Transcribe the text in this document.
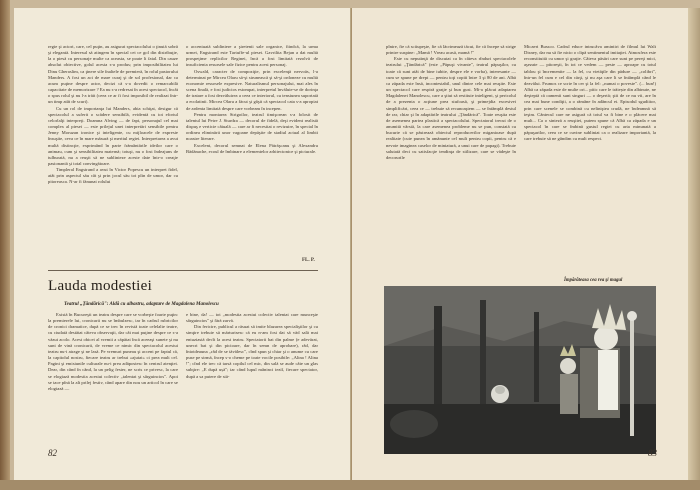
regie şi actori, care, cel puţin, au asigurat spectacolului o ţinută sobră şi elegantă. Interesul să atingem în special cei ce gol din distribuţie, la o piesă cu personaje multe ca aceasta, se poate li fatal. Din cauze absolut obiective, golul acesta s-a produs; prin imposibilitatea lui Dinu Gheraslim, ca ţinere sile înaltele de premieră, în rolul pastorului Manders. A fost un act de mare curaj şi de sol profesional, dar ca acum puţine despre actor, decizi că s-a dovedit o remarcabilă capacitate de memorizare ? Ea nu s-a redresat în acest spectacol, încât o spus rolul şi nu l-a trăit (ceea ce ar fi fost imposibil de realizat într-un timp atât de scurt).

Cu un rol de importanţa lui Manders, abia schiţat, desigur că spectacolul a suferit o scădere sensibilă, evidentă cu tot efortul celorlalţi interpreţi. Doamna Alving — de fapt, personajul cel mai complex al piesei — este prilejul unei interpretări sensibile pentru Jenny Moruzan ironice şi inteligente, cu mijloacele de expresie însuşite, ceva ce în mare măsură şi meritul regiei. Interpretarea a avut multă distincţie, exprimând în parte frământările ideilor care o animau, cum şi sensibilitatea maternă; totuşi, nu o fost îndeajuns de tulburată, nu a reuşit să ne sublinieze aceste date într-o creaţie pasionantă şi total convingătoare.

Timpleral Engstrand a avut în Victor Popescu un interpret fidel, atât prin aspectul său cât şi prin jocul său tot plin de umor, dar cu pitoreasca. N-ar fi fănunat rolului

o accentuată subliniere a şiretenii sale organice, fiindcă, la urma urmei, Engstrand este Tartuffe-ul piesei. Gavrilita Bejan a dat multă prospeţime replicilor Reginei, încă a fost limitată rezolvă de insuficienta resursele sale fizice pentru acest personaj.

Oswald, caracter de compoziţie, prin excelenţă nervoăs, l-a determinat pe Mircea Olaru să-şi strunească şi să-şi ordoneze cu multă economie resursele expresive. Naturalismul personajului, mai ales în scena finală, e fost judicios estompat, interpretul învăluie-se de dorinţa de tratare a fost dezvăluirea a ceea ce interiorul, cu tensiunea suportată a ecolatinii. Mircea Olaru a făcut şi gâşit că spectacol cata s-a apropiat de ardenta limitată despre care vorbeam în incepen.

Pentru montarea Strigoilor, teatrul timişorean s-a folosit de talentul lui Petre J. Sturdza — decorul de fidelă, deşi evident realistă dispuş e verticie câtuală — care ar fi necesitat o revizuire, în special în ordinea eliminării unor vagoane depăşite de stadiul actual al limbii noastre literare.

Excelent, decorul semnat de Elena Pătrăşcanu şi Alexandru Bădănache, ecoul de îmbinare a elementelor arhitectonice şi picturale.

FL. P.
Lauda modestiei
Teatrul „Ţăndărică": Aldă cu albastru, adaptare de Magdalena Manolescu

Există în Bucureşti un teatru despre care se vorbeşte foarte puţin: la premierele lui, cronicarii nu se îmbulzesc, iar în cadrul rubricilor de cronici dramatice, după ce se trec în revistă toate celelalte teatre, cu ciudată destătat câteva observaţii, dar cât mai puţine despre ce s-a văzut acolo. Acest obicei al vremii a căpătat încă aceeaşi sunete şi nu sunt de vină cronicarii, de vreme ce nimic din spectacolul acestui teatru nu-i atrage şi ne lasă. Pe vremuri puneau şi accent pe faptul că, la capitolul nostru, fiecare teatru ar trebui «ajutat» ci prea mult cel. Pagini şi emisiunile culturale nu-i prea adăpostesc în centrul atenţiei. Dear, din când în când, la un pelig fester, ne scris ce privesc, la care se elogiază modestia acestui colectiv „talentat şi sârguincios". Apoi se tace pînă la alt prilej festiv, când apare din nou un articol în care se elogiază —

e bine, da! — tot „modestia acestui colectiv talentat care munceşte sârguincios" şi fără zarvă.

Din fericire, publicul a răsuat să imite blazarea specialiştilor şi cu simţire trebuie să mărturisesc că eu n-am fost dat să văd sală mai entuziastă decît la acest teatru. Spectatorii bat din palme (e adevărat, unecri bat şi din picioare, dar în semn de aprobare), râd, dar întotdeauna „râd de se tăvălesc", cînd spun şi chiar şi o anume cu care puse pe strmă, încep s-o cheme pe toate vocile posibile: „Alina ! Alina !"; cînd ele trec că tarsă copilul cel mic, din sală se aude câte un glas subţire: „E după ușă"; iar când lupul mâninci ieziî, fiecare spectator, după a sa putere de stă-

82

pînire, fie că sciiupeşte, fie că lăcrimează tăcut, fie că începe să strige printre suspine: „Mamă ! Vreau acasă, mamă !"

Este cu neputinţă de discutat ca în câteva rînduri spectacolele teatrului „Ţăndărică" (este „Păpuşi vivante", teatrul păpuşilor, cu toate că sunt atât de bine iubite, despre ele e vorba), interesante — cum se spune pe drept — pentru toţi copiii între 3 şi 80 de ani. Albă ca zăpada este însă, incontestabil, unul dintre cele mai reuşite. Este un spectacol care respiră graţie şi bun gust. Mi-a plăcut adaptarea Magdalenei Manolescu, care a ştiut să restituie inteligent, şi pericolul de a prezenta o acţiune prea stufoasă, şi primejdia excesivei simplificări, ceea ce — trebuie să recunoaştem — se întâmplă destul de rar, chiar şi în adaptările teatrului „Ţăndărică". Toate reuşita este de asemenea partea plastică a spectacolului. Spectatorul trecut de o anumită vârstă, la care asemenea probleme nu se pun, constată cu bucurie că se păstrează obiectul reproducerilor miganioase după realitate (cute punea în amănunte cel mult pentru copii, pentru că e nevoie imaginea caselor de miniatură, a unui care de papagi). Trebuie salutată deci cu satisfacţie tendinţa de stilizare, care se vădeşte în decorurile

Micaeri Bussco. Cadrul educe intrucâva amintiri de filmul lui Walt Disney, dar nu să fie nicio o clipă sentimentul imitaţiei. Atmosfera este reconstituită cu umor şi graţie. Câteva păsări care sunt pe pereţi mici, aşezate — pitoreşti, în tot ce vedem — peste — aproape cu totul tablou şi încremenite — la fel, cu vietăţile din pădure — „colibri", într-un fel cum e cel din cărţi, şi nu aşa care li se întâmplă când le dezvălui. Frumos ce scrie în cer şi la fel: „numai o poveste". (... bun!) Albă ca zăpada este de multe ori... pitic care le trăiește din albinute, ne deşteptă că oamenii sunt singuri — o deşertă; ştii de ce nu vii, are în cea mai bune condiţii, a o rămâne în adâncul ei. Episodul sgudiitor, prin care scenele se combină cu neliniştea crudă, ne îndeamnă să ieşim. Cântecul care ne asigură că totul va fi bine e o plăcere mai mult... Ca o sinteză a reuşitei, putem spune că Albă ca zăpada e un spectacol în care se îmbină gustul regiei cu arta minunată a păpuşarilor, ceea ce se cuvine subliniat ca o realizare importantă, la care trebuie să ne gândim cu mult respect.

Împărăteasa cea rea şi magul
83
